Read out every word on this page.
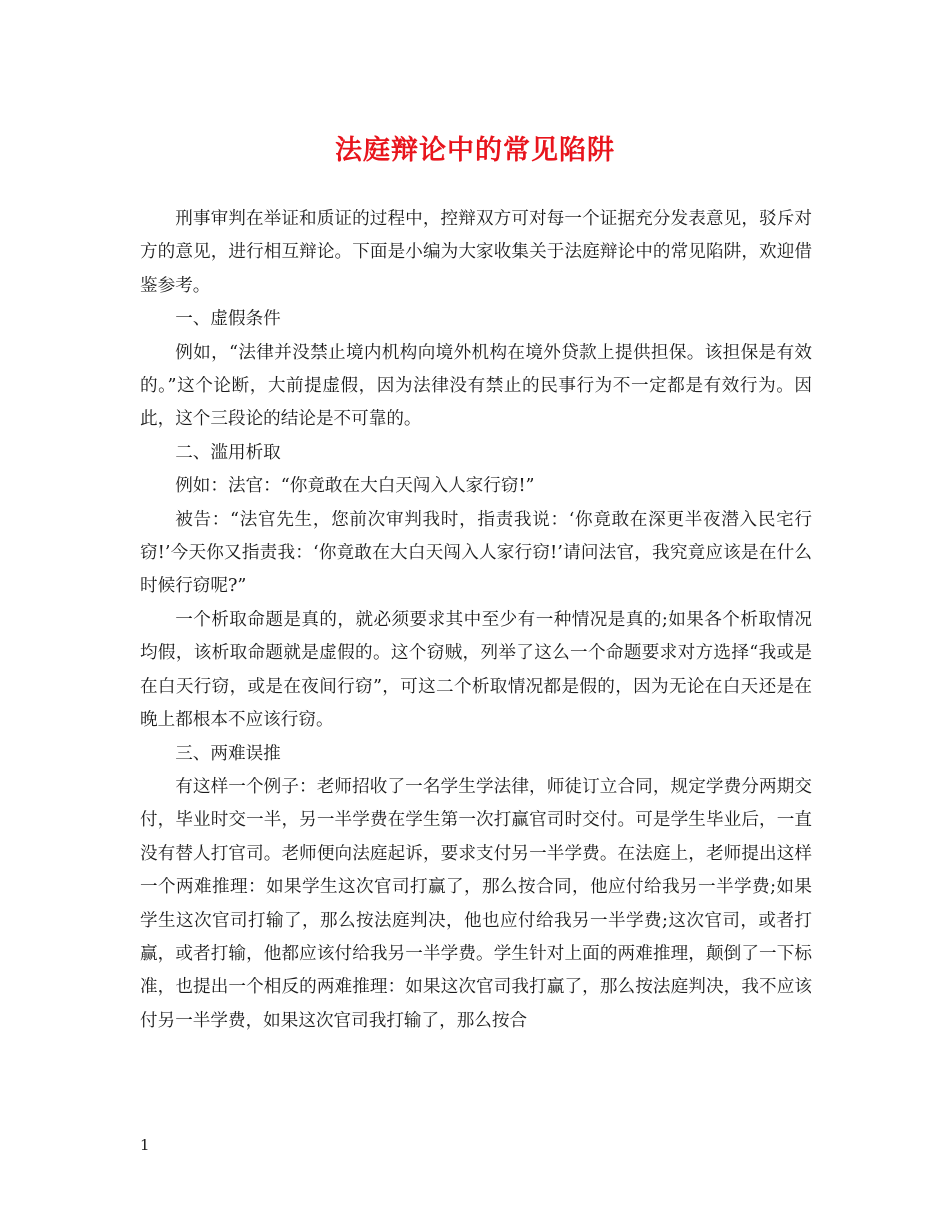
法庭辩论中的常见陷阱

刑事审判在举证和质证的过程中，控辩双方可对每一个证据充分发表意见，驳斥对方的意见，进行相互辩论。下面是小编为大家收集关于法庭辩论中的常见陷阱，欢迎借鉴参考。

一、虚假条件

例如，“法律并没禁止境内机构向境外机构在境外贷款上提供担保。该担保是有效的。”这个论断，大前提虚假，因为法律没有禁止的民事行为不一定都是有效行为。因此，这个三段论的结论是不可靠的。

二、滥用析取

例如：法官：“你竟敢在大白天闯入人家行窃!”

被告：“法官先生，您前次审判我时，指责我说：‘你竟敢在深更半夜潜入民宅行窃!’今天你又指责我：‘你竟敢在大白天闯入人家行窃!’请问法官，我究竟应该是在什么时候行窃呢?”

一个析取命题是真的，就必须要求其中至少有一种情况是真的;如果各个析取情况均假，该析取命题就是虚假的。这个窃贼，列举了这么一个命题要求对方选择“我或是在白天行窃，或是在夜间行窃”，可这二个析取情况都是假的，因为无论在白天还是在晚上都根本不应该行窃。

三、两难误推

有这样一个例子：老师招收了一名学生学法律，师徒订立合同，规定学费分两期交付，毕业时交一半，另一半学费在学生第一次打赢官司时交付。可是学生毕业后，一直没有替人打官司。老师便向法庭起诉，要求支付另一半学费。在法庭上，老师提出这样一个两难推理：如果学生这次官司打赢了，那么按合同，他应付给我另一半学费;如果学生这次官司打输了，那么按法庭判决，他也应付给我另一半学费;这次官司，或者打赢，或者打输，他都应该付给我另一半学费。学生针对上面的两难推理，颠倒了一下标准，也提出一个相反的两难推理：如果这次官司我打赢了，那么按法庭判决，我不应该付另一半学费，如果这次官司我打输了，那么按合

1
